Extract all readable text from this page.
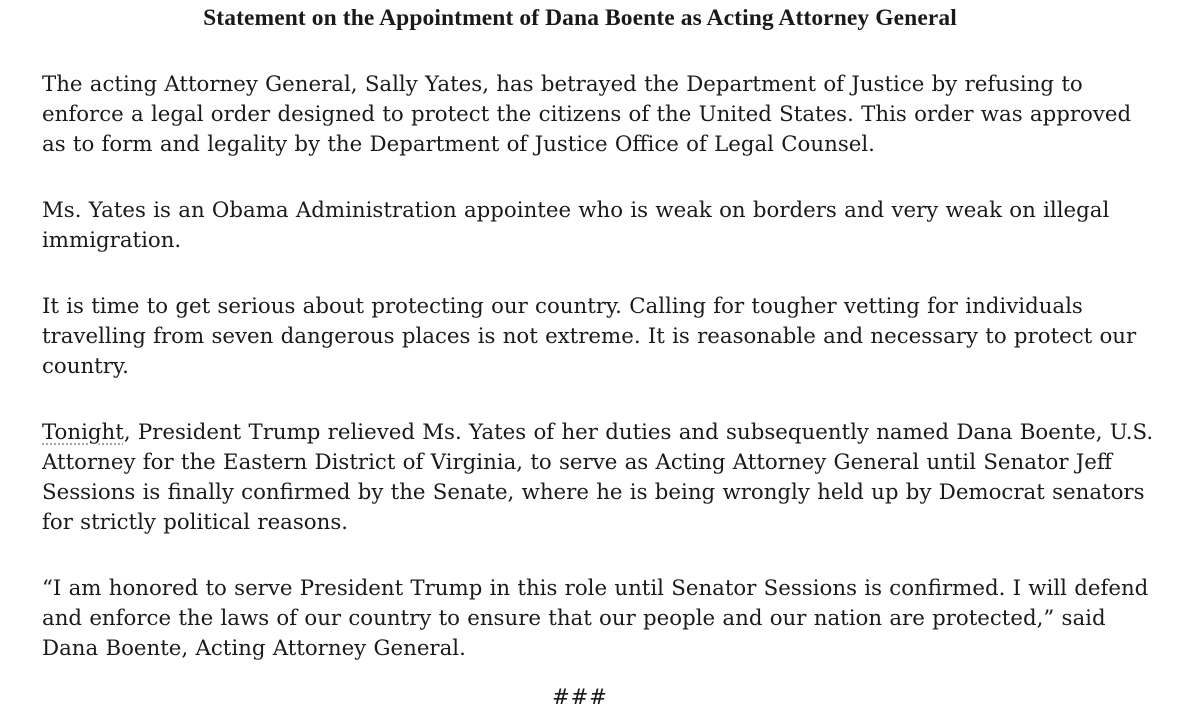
Statement on the Appointment of Dana Boente as Acting Attorney General

The acting Attorney General, Sally Yates, has betrayed the Department of Justice by refusing to enforce a legal order designed to protect the citizens of the United States. This order was approved as to form and legality by the Department of Justice Office of Legal Counsel.

Ms. Yates is an Obama Administration appointee who is weak on borders and very weak on illegal immigration.

It is time to get serious about protecting our country. Calling for tougher vetting for individuals travelling from seven dangerous places is not extreme. It is reasonable and necessary to protect our country.

Tonight, President Trump relieved Ms. Yates of her duties and subsequently named Dana Boente, U.S. Attorney for the Eastern District of Virginia, to serve as Acting Attorney General until Senator Jeff Sessions is finally confirmed by the Senate, where he is being wrongly held up by Democrat senators for strictly political reasons.

“I am honored to serve President Trump in this role until Senator Sessions is confirmed. I will defend and enforce the laws of our country to ensure that our people and our nation are protected,” said Dana Boente, Acting Attorney General.

###
